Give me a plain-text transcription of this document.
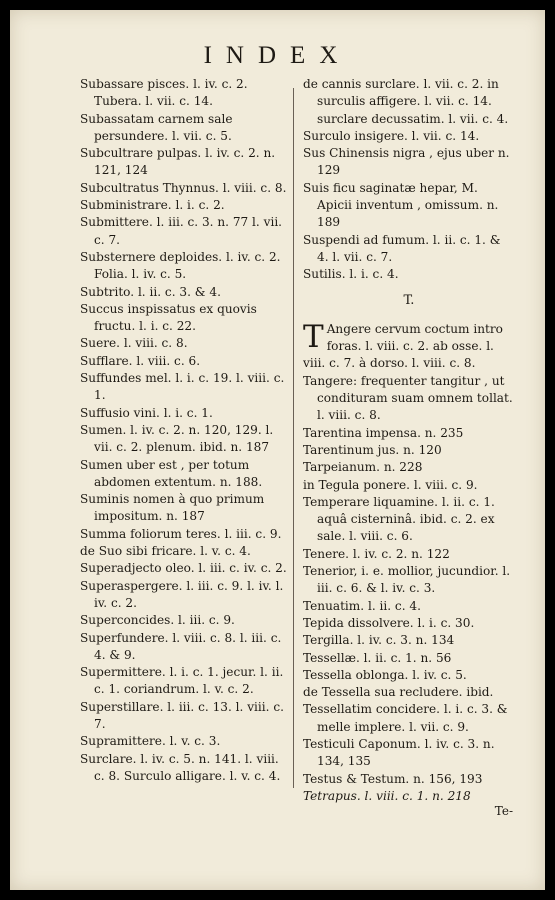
INDEX

Subassare pisces. l. iv. c. 2. Tubera. l. vii. c. 14.

Subassatam carnem sale persundere. l. vii. c. 5.

Subcultrare pulpas. l. iv. c. 2. n. 121, 124

Subcultratus Thynnus. l. viii. c. 8.

Subministrare. l. i. c. 2.

Submittere. l. iii. c. 3. n. 77 l. vii. c. 7.

Substernere deploides. l. iv. c. 2. Folia. l. iv. c. 5.

Subtrito. l. ii. c. 3. & 4.

Succus inspissatus ex quovis fructu. l. i. c. 22.

Suere. l. viii. c. 8.

Sufflare. l. viii. c. 6.

Suffundes mel. l. i. c. 19. l. viii. c. 1.

Suffusio vini. l. i. c. 1.

Sumen. l. iv. c. 2. n. 120, 129. l. vii. c. 2. plenum. ibid. n. 187

Sumen uber est , per totum abdomen extentum. n. 188.

Suminis nomen à quo primum impositum. n. 187

Summa foliorum teres. l. iii. c. 9.

de Suo sibi fricare. l. v. c. 4.

Superadjecto oleo. l. iii. c. iv. c. 2.

Superaspergere. l. iii. c. 9. l. iv. l. iv. c. 2.

Superconcides. l. iii. c. 9.

Superfundere. l. viii. c. 8. l. iii. c. 4. & 9.

Supermittere. l. i. c. 1. jecur. l. ii. c. 1. coriandrum. l. v. c. 2.

Superstillare. l. iii. c. 13. l. viii. c. 7.

Supramittere. l. v. c. 3.

Surclare. l. iv. c. 5. n. 141. l. viii. c. 8. Surculo alligare. l. v. c. 4.

de cannis surclare. l. vii. c. 2. in surculis affigere. l. vii. c. 14. surclare decussatim. l. vii. c. 4.

Surculo insigere. l. vii. c. 14.

Sus Chinensis nigra , ejus uber n. 129

Suis ficu saginatæ hepar, M. Apicii inventum , omissum. n. 189

Suspendi ad fumum. l. ii. c. 1. & 4. l. vii. c. 7.

Sutilis. l. i. c. 4.

T.

T Angere cervum coctum intro foras. l. viii. c. 2. ab osse. l. viii. c. 7. à dorso. l. viii. c. 8.

Tangere: frequenter tangitur , ut condituram suam omnem tollat. l. viii. c. 8.

Tarentina impensa. n. 235

Tarentinum jus. n. 120

Tarpeianum. n. 228

in Tegula ponere. l. viii. c. 9.

Temperare liquamine. l. ii. c. 1. aquâ cisterninâ. ibid. c. 2. ex sale. l. viii. c. 6.

Tenere. l. iv. c. 2. n. 122

Tenerior, i. e. mollior, jucundior. l. iii. c. 6. & l. iv. c. 3.

Tenuatim. l. ii. c. 4.

Tepida dissolvere. l. i. c. 30.

Tergilla. l. iv. c. 3. n. 134

Tessellæ. l. ii. c. 1. n. 56

Tessella oblonga. l. iv. c. 5.

de Tessella sua recludere. ibid.

Tessellatim concidere. l. i. c. 3. & melle implere. l. vii. c. 9.

Testiculi Caponum. l. iv. c. 3. n. 134, 135

Testus & Testum. n. 156, 193

Tetrapus. l. viii. c. 1. n. 218

Te-
